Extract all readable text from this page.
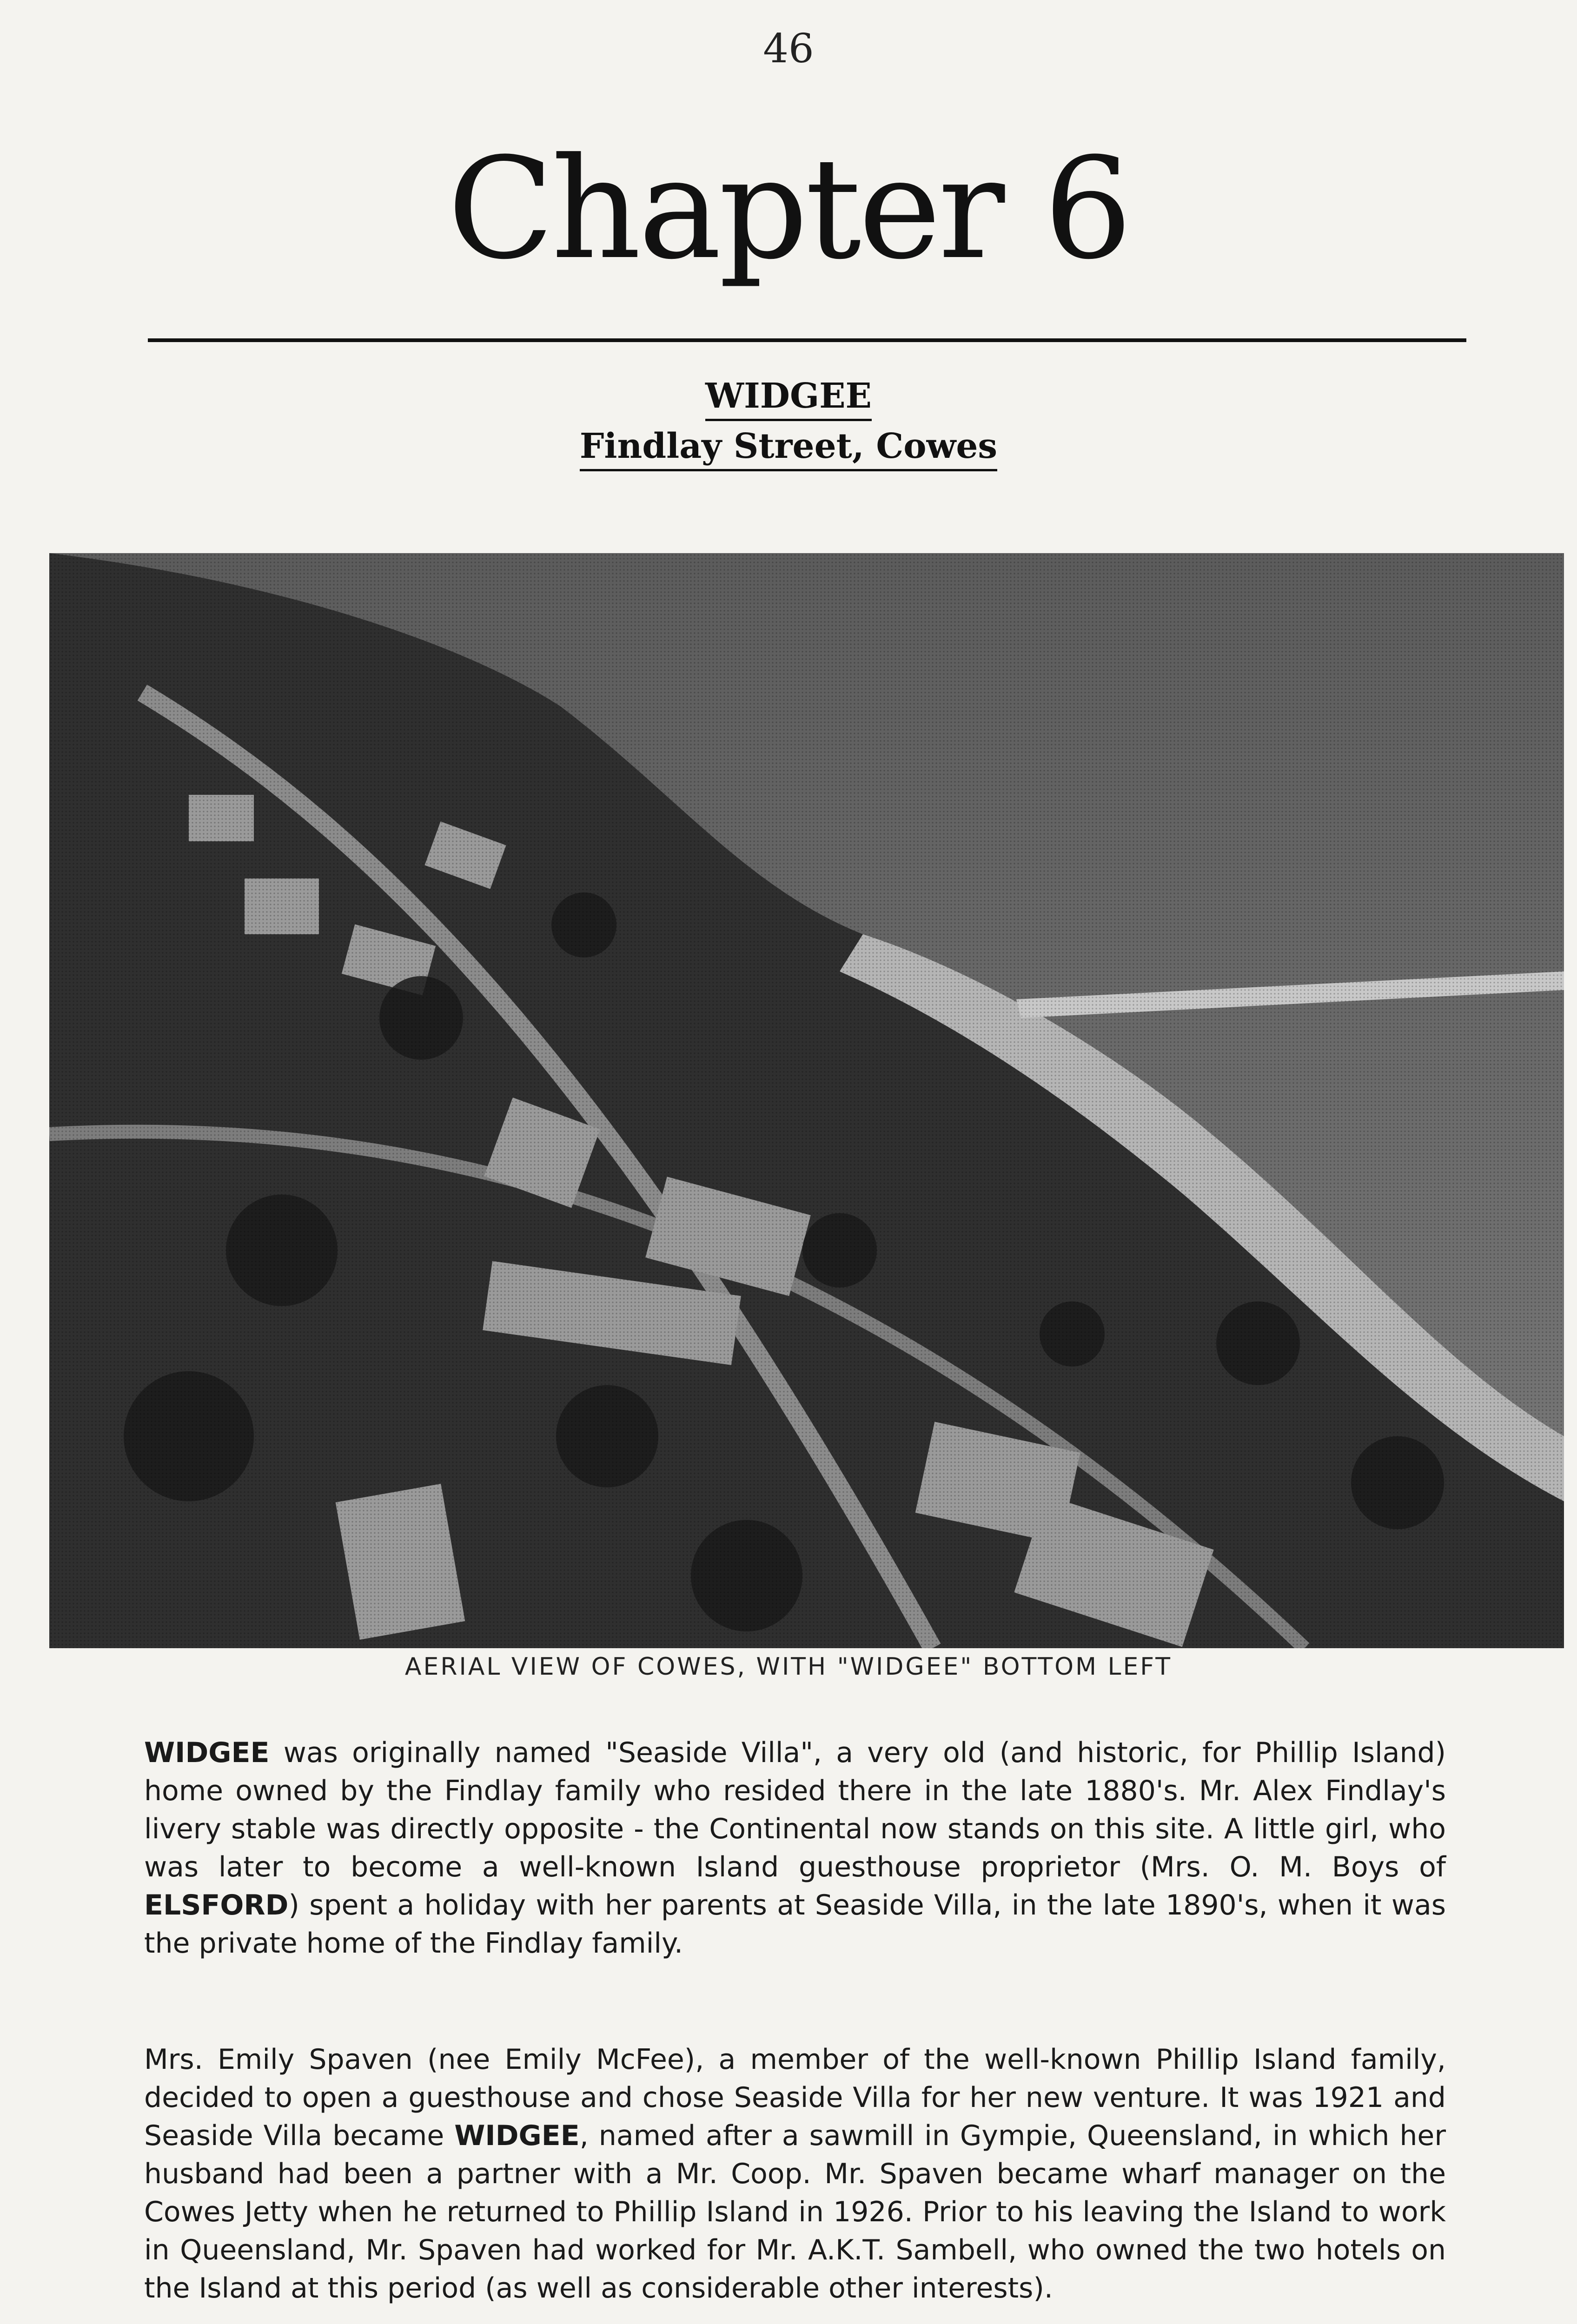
46
Chapter 6
WIDGEE
Findlay Street, Cowes
AERIAL VIEW OF COWES, WITH "WIDGEE" BOTTOM LEFT

WIDGEE was originally named "Seaside Villa", a very old (and historic, for Phillip Island) home owned by the Findlay family who resided there in the late 1880's. Mr. Alex Findlay's livery stable was directly opposite - the Continental now stands on this site. A little girl, who was later to become a well-known Island guesthouse proprietor (Mrs. O. M. Boys of ELSFORD) spent a holiday with her parents at Seaside Villa, in the late 1890's, when it was the private home of the Findlay family.

Mrs. Emily Spaven (nee Emily McFee), a member of the well-known Phillip Island family, decided to open a guesthouse and chose Seaside Villa for her new venture. It was 1921 and Seaside Villa became WIDGEE, named after a sawmill in Gympie, Queensland, in which her husband had been a partner with a Mr. Coop. Mr. Spaven became wharf manager on the Cowes Jetty when he returned to Phillip Island in 1926. Prior to his leaving the Island to work in Queensland, Mr. Spaven had worked for Mr. A.K.T. Sambell, who owned the two hotels on the Island at this period (as well as considerable other interests).
